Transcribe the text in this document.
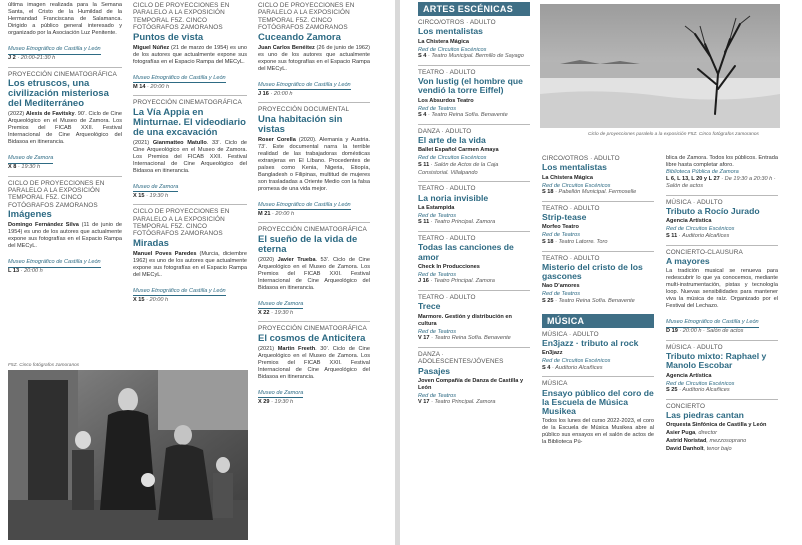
última imagen realizada para la Semana Santa, el Cristo de la Humildad de la Hermandad Franciscana de Salamanca. Dirigido a público general interesado y organizado por la Asociación Luz Penitente.

Museo Etnográfico de Castilla y León
J 2 · 20:00-21:30 h
PROYECCIÓN CINEMATOGRÁFICA
Los etruscos, una civilización misteriosa del Mediterráneo

(2022) Alexis de Favitsky. 90’. Ciclo de Cine Arqueológico en el Museo de Zamora. Los Premios del FICAB XXII. Festival Internacional de Cine Arqueológico del Bidasoa en itinerancia.

Museo de Zamora
X 8 · 19:30 h
CICLO DE PROYECCIONES EN PARALELO A LA EXPOSICIÓN TEMPORAL F5Z. CINCO FOTÓGRAFOS ZAMORANOS
Imágenes

Domingo Fernández Silva (11 de junio de 1954) es uno de los autores que actualmente expone sus fotografías en el Espacio Rampa del MECyL.

Museo Etnográfico de Castilla y León
L 13 · 20:00 h
CICLO DE PROYECCIONES EN PARALELO A LA EXPOSICIÓN TEMPORAL F5Z. CINCO FOTÓGRAFOS ZAMORANOS
Puntos de vista

Miguel Núñez (21 de marzo de 1954) es uno de los autores que actualmente expone sus fotografías en el Espacio Rampa del MECyL.

Museo Etnográfico de Castilla y León
M 14 · 20:00 h
PROYECCIÓN CINEMATOGRÁFICA
La Vía Appia en Minturnae. El videodiario de una excavación

(2021) Gianmatteo Matullo. 33’. Ciclo de Cine Arqueológico en el Museo de Zamora. Los Premios del FICAB XXII. Festival Internacional de Cine Arqueológico del Bidasoa en itinerancia.

Museo de Zamora
X 15 · 19:30 h
CICLO DE PROYECCIONES EN PARALELO A LA EXPOSICIÓN TEMPORAL F5Z. CINCO FOTÓGRAFOS ZAMORANOS
Miradas

Manuel Poves Paredes (Murcia, diciembre 1962) es uno de los autores que actualmente expone sus fotografías en el Espacio Rampa del MECyL.

Museo Etnográfico de Castilla y León
X 15 · 20:00 h
CICLO DE PROYECCIONES EN PARALELO A LA EXPOSICIÓN TEMPORAL F5Z. CINCO FOTÓGRAFOS ZAMORANOS
Cuceando Zamora

Juan Carlos Benéitez (26 de junio de 1962) es uno de los autores que actualmente expone sus fotografías en el Espacio Rampa del MECyL.

Museo Etnográfico de Castilla y León
J 16 · 20:00 h
PROYECCIÓN DOCUMENTAL
Una habitación sin vistas

Roser Corella (2020). Alemania y Austria. 73’. Este documental narra la terrible realidad de las trabajadoras domésticas extranjeras en El Líbano. Procedentes de países como Kenia, Nigeria, Etiopía, Bangladesh o Filipinas, multitud de mujeres son trasladadas a Oriente Medio con la falsa promesa de una vida mejor.

Museo Etnográfico de Castilla y León
M 21 · 20:00 h
PROYECCIÓN CINEMATOGRÁFICA
El sueño de la vida de eterna

(2020) Javier Trueba. 53’. Ciclo de Cine Arqueológico en el Museo de Zamora. Los Premios del FICAB XXII. Festival Internacional de Cine Arqueológico del Bidasoa en itinerancia.

Museo de Zamora
X 22 · 19:30 h
PROYECCIÓN CINEMATOGRÁFICA
El cosmos de Anticitera

(2021) Martin Freeth. 30’. Ciclo de Cine Arqueológico en el Museo de Zamora. Los Premios del FICAB XXII. Festival Internacional de Cine Arqueológico del Bidasoa en itinerancia.

Museo de Zamora
X 29 · 19:30 h
F5Z. Cinco fotógrafos zamoranos
ARTES ESCÉNICAS
CIRCO/OTROS · ADULTO
Los mentalistas
La Chistera Mágica
Red de Circuitos Escénicos
S 4 · Teatro Municipal. Bermillo de Sayago
TEATRO · ADULTO
Von lustig (el hombre que vendió la torre Eiffel)
Los Absurdos Teatro
Red de Teatros
S 4 · Teatro Reina Sofía. Benavente
DANZA · ADULTO
El arte de la vida
Ballet Español Carmen Amaya
Red de Circuitos Escénicos
S 11 · Salón de Actos de la Caja Consistorial. Villalpando
TEATRO · ADULTO
La noria invisible
La Estampida
Red de Teatros
S 11 · Teatro Principal. Zamora
TEATRO · ADULTO
Todas las canciones de amor
Check In Producciones
Red de Teatros
J 16 · Teatro Principal. Zamora
TEATRO · ADULTO
Trece
Marmore. Gestión y distribución en cultura
Red de Teatros
V 17 · Teatro Reina Sofía. Benavente
DANZA · ADOLESCENTES/JÓVENES
Pasajes
Joven Compañía de Danza de Castilla y León
Red de Teatros
V 17 · Teatro Principal. Zamora
Ciclo de proyecciones paralelo a la exposición F5Z. Cinco fotógrafos zamoranos
CIRCO/OTROS · ADULTO
Los mentalistas
La Chistera Mágica
Red de Circuitos Escénicos
S 18 · Pabellón Municipal. Fermoselle
TEATRO · ADULTO
Strip-tease
Morfeo Teatro
Red de Teatros
S 18 · Teatro Latorre. Toro
TEATRO · ADULTO
Misterio del cristo de los gascones
Nao D’amores
Red de Teatros
S 25 · Teatro Reina Sofía. Benavente
MÚSICA
MÚSICA · ADULTO
En3jazz · tributo al rock
En3jazz
Red de Circuitos Escénicos
S 4 · Auditorio Alcañices
MÚSICA
Ensayo público del coro de la Escuela de Música Musikea

Todos los lunes del curso 2022-2023, el coro de la Escuela de Música Musikea abre al público sus ensayos en el salón de actos de la Biblioteca Pú-

blica de Zamora. Todos los públicos. Entrada libre hasta completar aforo.

Biblioteca Pública de Zamora
L 6, L 13, L 20 y L 27 · De 19:30 a 20:30 h · Salón de actos
MÚSICA · ADULTO
Tributo a Rocío Jurado
Agencia Artística
Red de Circuitos Escénicos
S 11 · Auditorio Alcañices
CONCIERTO-CLAUSURA
A mayores

La tradición musical se renueva para redescubrir lo que ya conocemos, mediante multi-instrumentación, pistas y tecnología loop. Nuevas sensibilidades para mantener viva la música de raíz. Organizado por el Festival del Lechazo.

Museo Etnográfico de Castilla y León
D 19 · 20:00 h · Salón de actos
MÚSICA · ADULTO
Tributo mixto: Raphael y Manolo Escobar
Agencia Artística
Red de Circuitos Escénicos
S 25 · Auditorio Alcañices
CONCIERTO
Las piedras cantan
Orquesta Sinfónica de Castilla y León
Asier Puga, director
Astrid Noristad, mezzosoprano
David Danholt, tenor bajo
